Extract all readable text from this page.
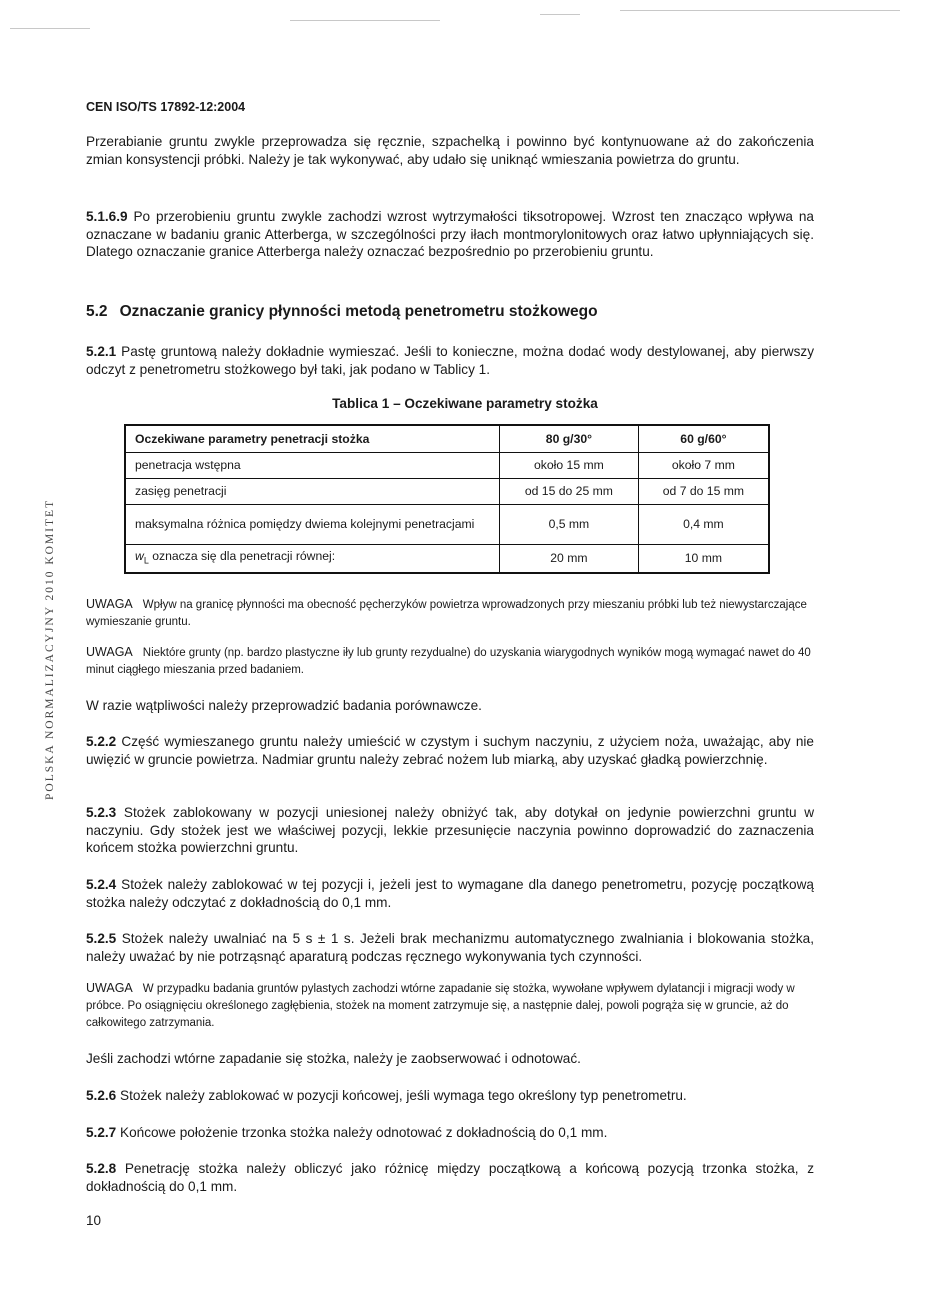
POLSKA NORMALIZACYJNY 2010 KOMITET
CEN ISO/TS 17892-12:2004
Przerabianie gruntu zwykle przeprowadza się ręcznie, szpachelką i powinno być kontynuowane aż do zakończenia zmian konsystencji próbki. Należy je tak wykonywać, aby udało się uniknąć wmieszania powietrza do gruntu.
5.1.6.9 Po przerobieniu gruntu zwykle zachodzi wzrost wytrzymałości tiksotropowej. Wzrost ten znacząco wpływa na oznaczane w badaniu granic Atterberga, w szczególności przy iłach montmorylonitowych oraz łatwo upłynniających się. Dlatego oznaczanie granice Atterberga należy oznaczać bezpośrednio po przerobieniu gruntu.
5.2 Oznaczanie granicy płynności metodą penetrometru stożkowego
5.2.1 Pastę gruntową należy dokładnie wymieszać. Jeśli to konieczne, można dodać wody destylowanej, aby pierwszy odczyt z penetrometru stożkowego był taki, jak podano w Tablicy 1.
Tablica 1 – Oczekiwane parametry stożka
Oczekiwane parametry penetracji stożka	80 g/30°	60 g/60°
penetracja wstępna	około 15 mm	około 7 mm
zasięg penetracji	od 15 do 25 mm	od 7 do 15 mm
maksymalna różnica pomiędzy dwiema kolejnymi penetracjami	0,5 mm	0,4 mm
$w_L$ oznacza się dla penetracji równej:	20 mm	10 mm
UWAGA Wpływ na granicę płynności ma obecność pęcherzyków powietrza wprowadzonych przy mieszaniu próbki lub też niewystarczające wymieszanie gruntu.
UWAGA Niektóre grunty (np. bardzo plastyczne iły lub grunty rezydualne) do uzyskania wiarygodnych wyników mogą wymagać nawet do 40 minut ciągłego mieszania przed badaniem.
W razie wątpliwości należy przeprowadzić badania porównawcze.
5.2.2 Część wymieszanego gruntu należy umieścić w czystym i suchym naczyniu, z użyciem noża, uważając, aby nie uwięzić w gruncie powietrza. Nadmiar gruntu należy zebrać nożem lub miarką, aby uzyskać gładką powierzchnię.
5.2.3 Stożek zablokowany w pozycji uniesionej należy obniżyć tak, aby dotykał on jedynie powierzchni gruntu w naczyniu. Gdy stożek jest we właściwej pozycji, lekkie przesunięcie naczynia powinno doprowadzić do zaznaczenia końcem stożka powierzchni gruntu.
5.2.4 Stożek należy zablokować w tej pozycji i, jeżeli jest to wymagane dla danego penetrometru, pozycję początkową stożka należy odczytać z dokładnością do 0,1 mm.
5.2.5 Stożek należy uwalniać na 5 s ± 1 s. Jeżeli brak mechanizmu automatycznego zwalniania i blokowania stożka, należy uważać by nie potrząsnąć aparaturą podczas ręcznego wykonywania tych czynności.
UWAGA W przypadku badania gruntów pylastych zachodzi wtórne zapadanie się stożka, wywołane wpływem dylatancji i migracji wody w próbce. Po osiągnięciu określonego zagłębienia, stożek na moment zatrzymuje się, a następnie dalej, powoli pogrąża się w gruncie, aż do całkowitego zatrzymania.
Jeśli zachodzi wtórne zapadanie się stożka, należy je zaobserwować i odnotować.
5.2.6 Stożek należy zablokować w pozycji końcowej, jeśli wymaga tego określony typ penetrometru.
5.2.7 Końcowe położenie trzonka stożka należy odnotować z dokładnością do 0,1 mm.
5.2.8 Penetrację stożka należy obliczyć jako różnicę między początkową a końcową pozycją trzonka stożka, z dokładnością do 0,1 mm.
10
